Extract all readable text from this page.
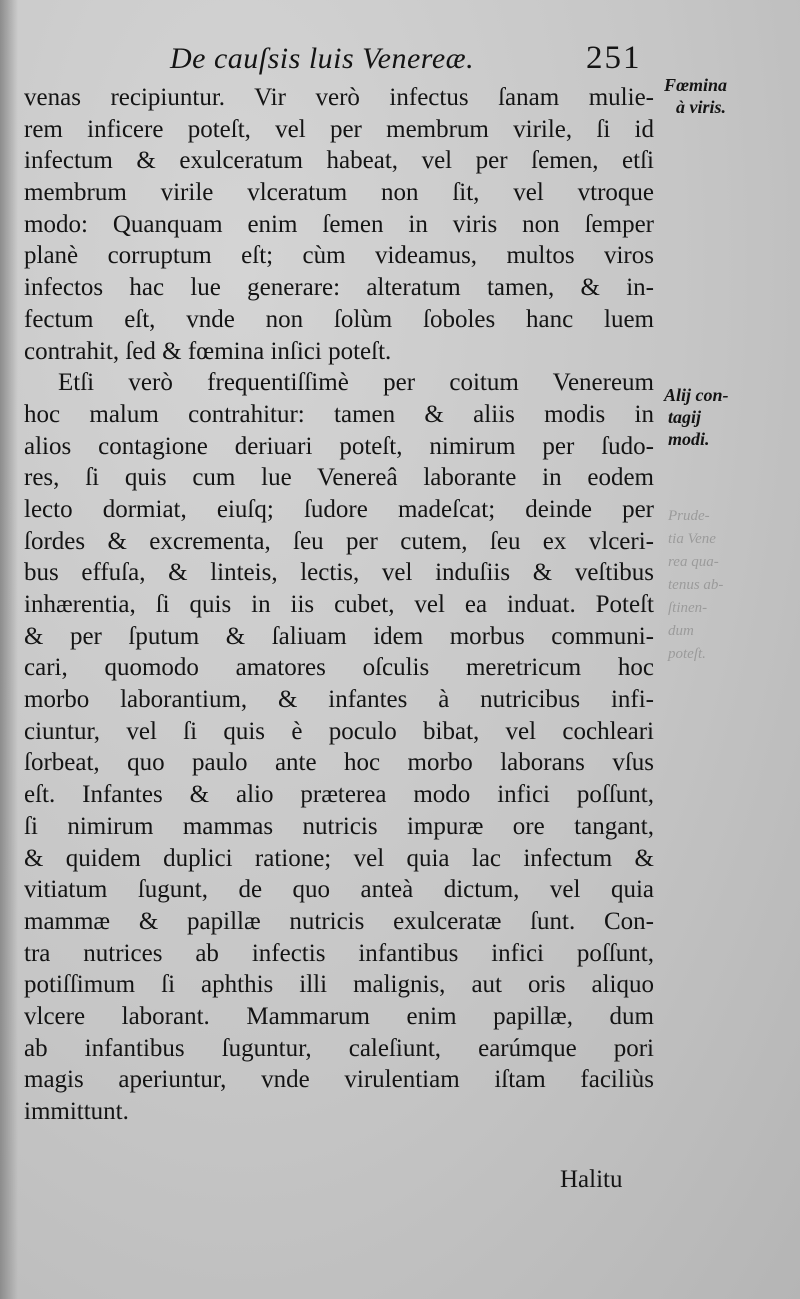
De cauſsis luis Venereæ.	251
venas recipiuntur. Vir verò infectus ſanam mulie-
rem inficere poteſt, vel per membrum virile, ſi id
infectum & exulceratum habeat, vel per ſemen, etſi
membrum virile vlceratum non ſit, vel vtroque
modo: Quanquam enim ſemen in viris non ſemper
planè corruptum eſt; cùm videamus, multos viros
infectos hac lue generare: alteratum tamen, & in-
fectum eſt, vnde non ſolùm ſoboles hanc luem
contrahit, ſed & fœmina inſici poteſt.
Etſi verò frequentiſſimè per coitum Venereum
hoc malum contrahitur: tamen & aliis modis in
alios contagione deriuari poteſt, nimirum per ſudo-
res, ſi quis cum lue Venereâ laborante in eodem
lecto dormiat, eiuſq; ſudore madeſcat; deinde per
ſordes & excrementa, ſeu per cutem, ſeu ex vlceri-
bus effuſa, & linteis, lectis, vel induſiis & veſtibus
inhærentia, ſi quis in iis cubet, vel ea induat. Poteſt
& per ſputum & ſaliuam idem morbus communi-
cari, quomodo amatores oſculis meretricum hoc
morbo laborantium, & infantes à nutricibus infi-
ciuntur, vel ſi quis è poculo bibat, vel cochleari
ſorbeat, quo paulo ante hoc morbo laborans vſus
eſt. Infantes & alio præterea modo infici poſſunt,
ſi nimirum mammas nutricis impuræ ore tangant,
& quidem duplici ratione; vel quia lac infectum &
vitiatum ſugunt, de quo anteà dictum, vel quia
mammæ & papillæ nutricis exulceratæ ſunt. Con-
tra nutrices ab infectis infantibus infici poſſunt,
potiſſimum ſi aphthis illi malignis, aut oris aliquo
vlcere laborant. Mammarum enim papillæ, dum
ab infantibus ſuguntur, caleſiunt, earúmque pori
magis aperiuntur, vnde virulentiam iſtam faciliùs
immittunt.
Fœmina
à viris.
Alij con-
tagij
modi.
Prude-
tia Vene
rea qua-
tenus ab-
ſtinen-
dum
poteſt.
Halitu
